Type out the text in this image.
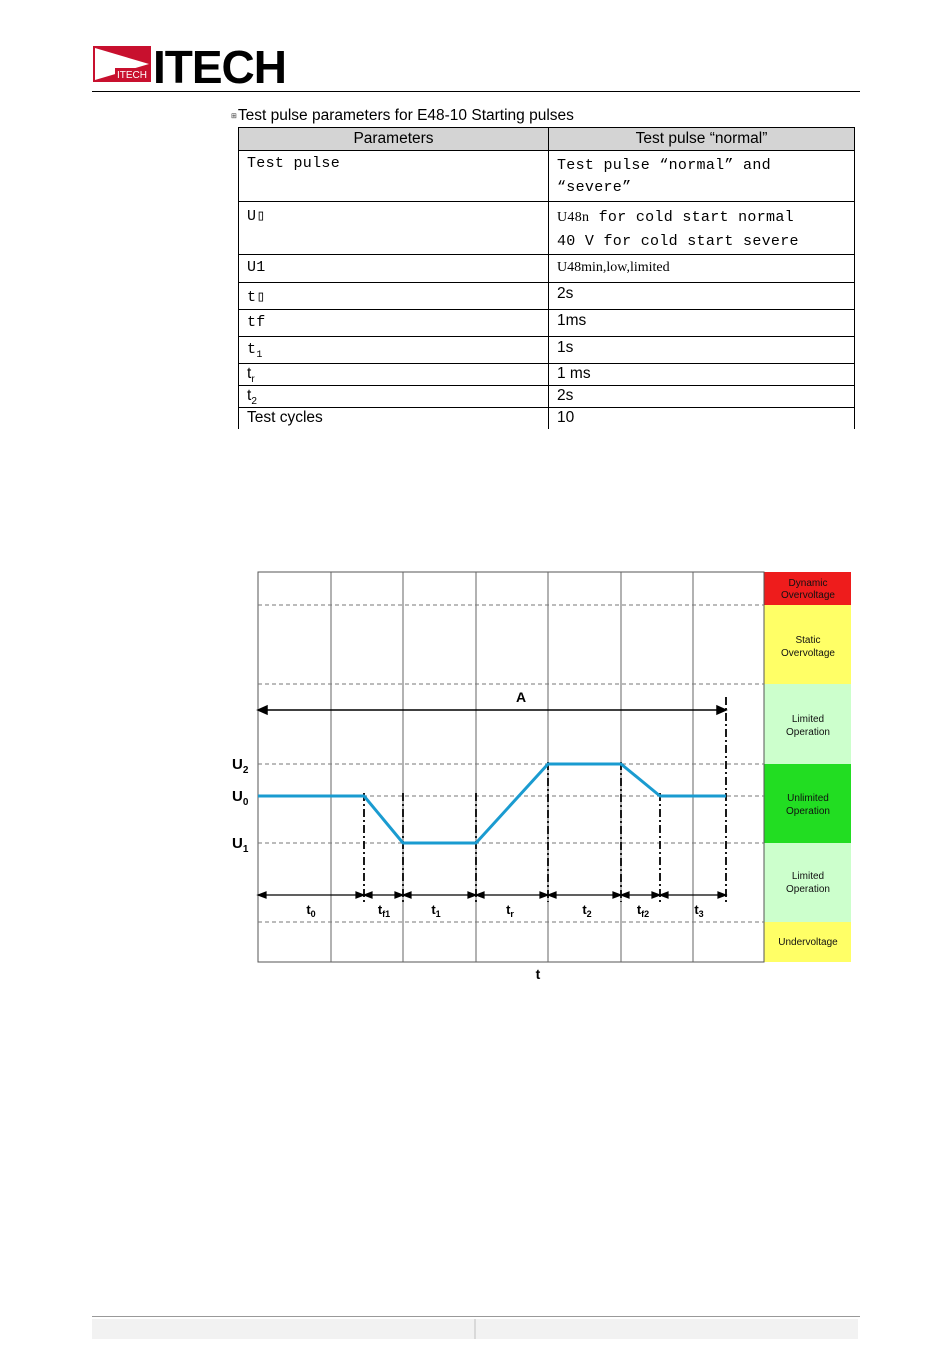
ITECH ITECH
⊞Test pulse parameters for E48-10 Starting pulses
Parameters	Test pulse “normal”
Test pulse	Test pulse “normal” and
“severe”

U▯	U48n for cold start normal
40 V for cold start severe

U1	U48min,low,limited
t▯	2s
tf	1ms
$t_1$	1s
$t_r$	1 ms
$t_2$	2s
Test cycles	10
Dynamic
Overvoltage
Static
Overvoltage
Limited
Operation
Unlimited
Operation
Limited
Operation
Undervoltage
A
$t_0$	$t_{f1}$	$t_1$	$t_r$	$t_2$	$t_{f2}$	$t_3$
$U_2$
$U_0$
$U_1$
t
